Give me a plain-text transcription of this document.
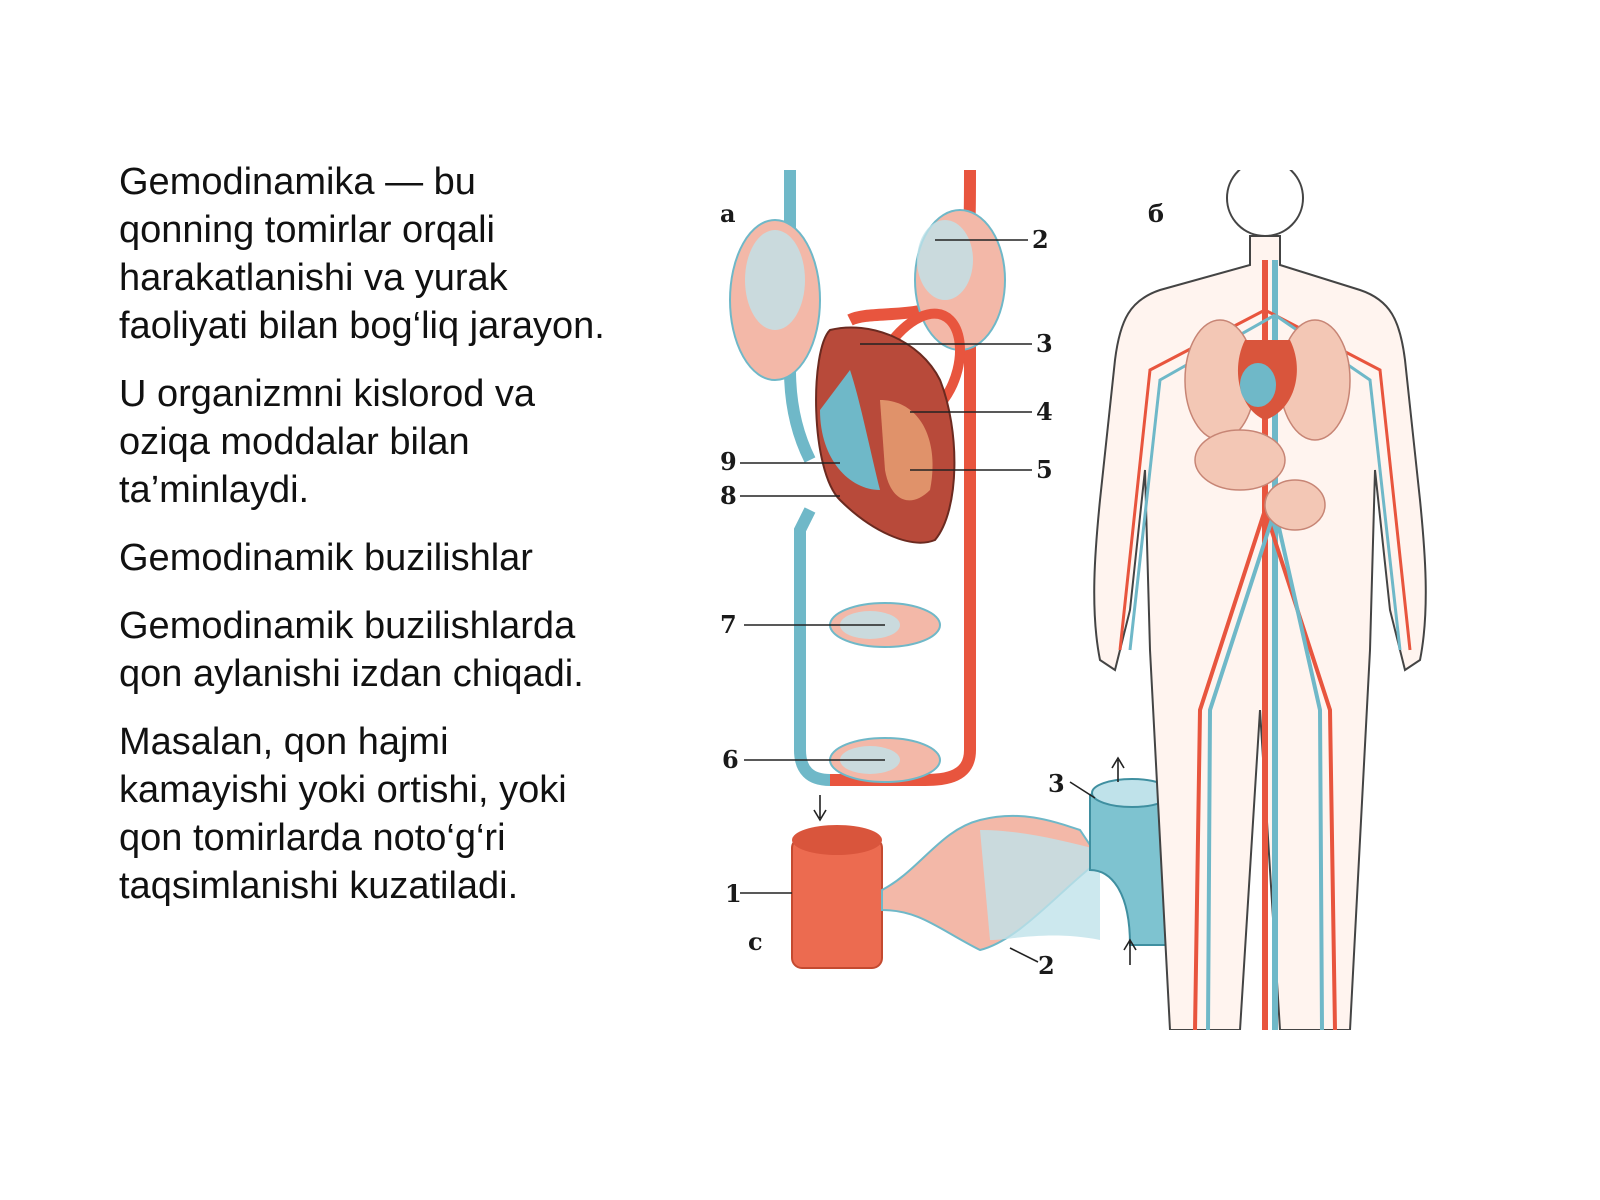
Gemodinamika — bu qonning tomirlar orqali harakatlanishi va yurak faoliyati bilan bog‘liq jarayon.

U organizmni kislorod va oziqa moddalar bilan ta’minlaydi.

Gemodinamik buzilishlar

Gemodinamik buzilishlarda qon aylanishi izdan chiqadi.

Masalan, qon hajmi kamayishi yoki ortishi, yoki qon tomirlarda noto‘g‘ri taqsimlanishi kuzatiladi.

а	б
c
2
3
4
5
9
8
7
6
1
2
3
